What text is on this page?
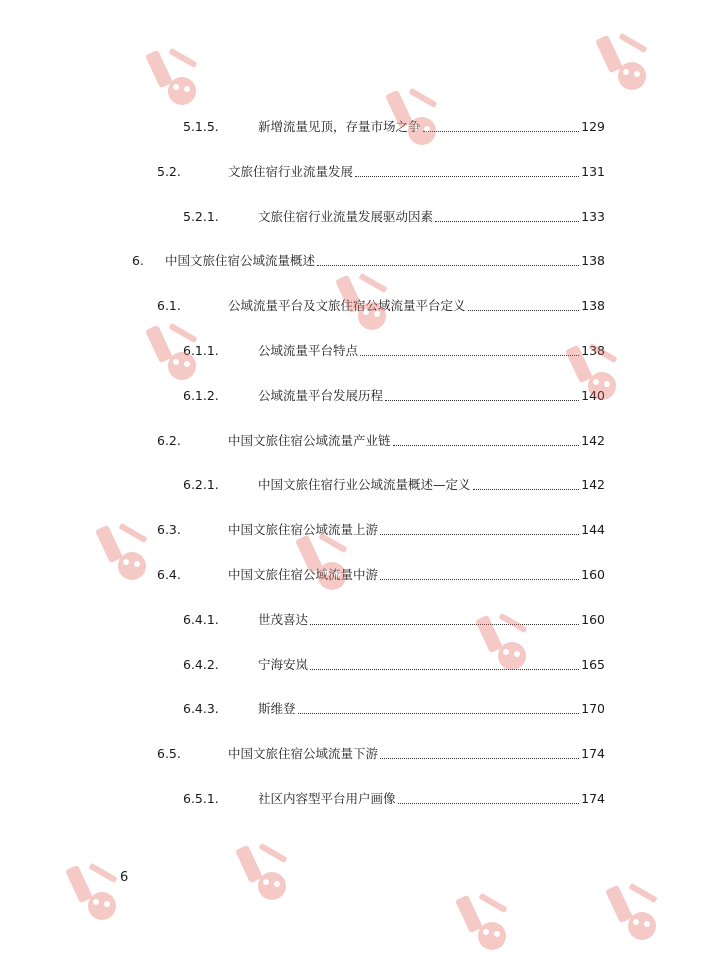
5.1.5.	新增流量见顶，存量市场之争	129
5.2.	文旅住宿行业流量发展	131
5.2.1.	文旅住宿行业流量发展驱动因素	133
6. 中国文旅住宿公域流量概述	138
6.1.	公域流量平台及文旅住宿公域流量平台定义	138
6.1.1.	公域流量平台特点	138
6.1.2.	公域流量平台发展历程	140
6.2.	中国文旅住宿公域流量产业链	142
6.2.1.	中国文旅住宿行业公域流量概述—定义	142
6.3.	中国文旅住宿公域流量上游	144
6.4.	中国文旅住宿公域流量中游	160
6.4.1.	世茂喜达	160
6.4.2.	宁海安岚	165
6.4.3.	斯维登	170
6.5.	中国文旅住宿公域流量下游	174
6.5.1.	社区内容型平台用户画像	174
6
